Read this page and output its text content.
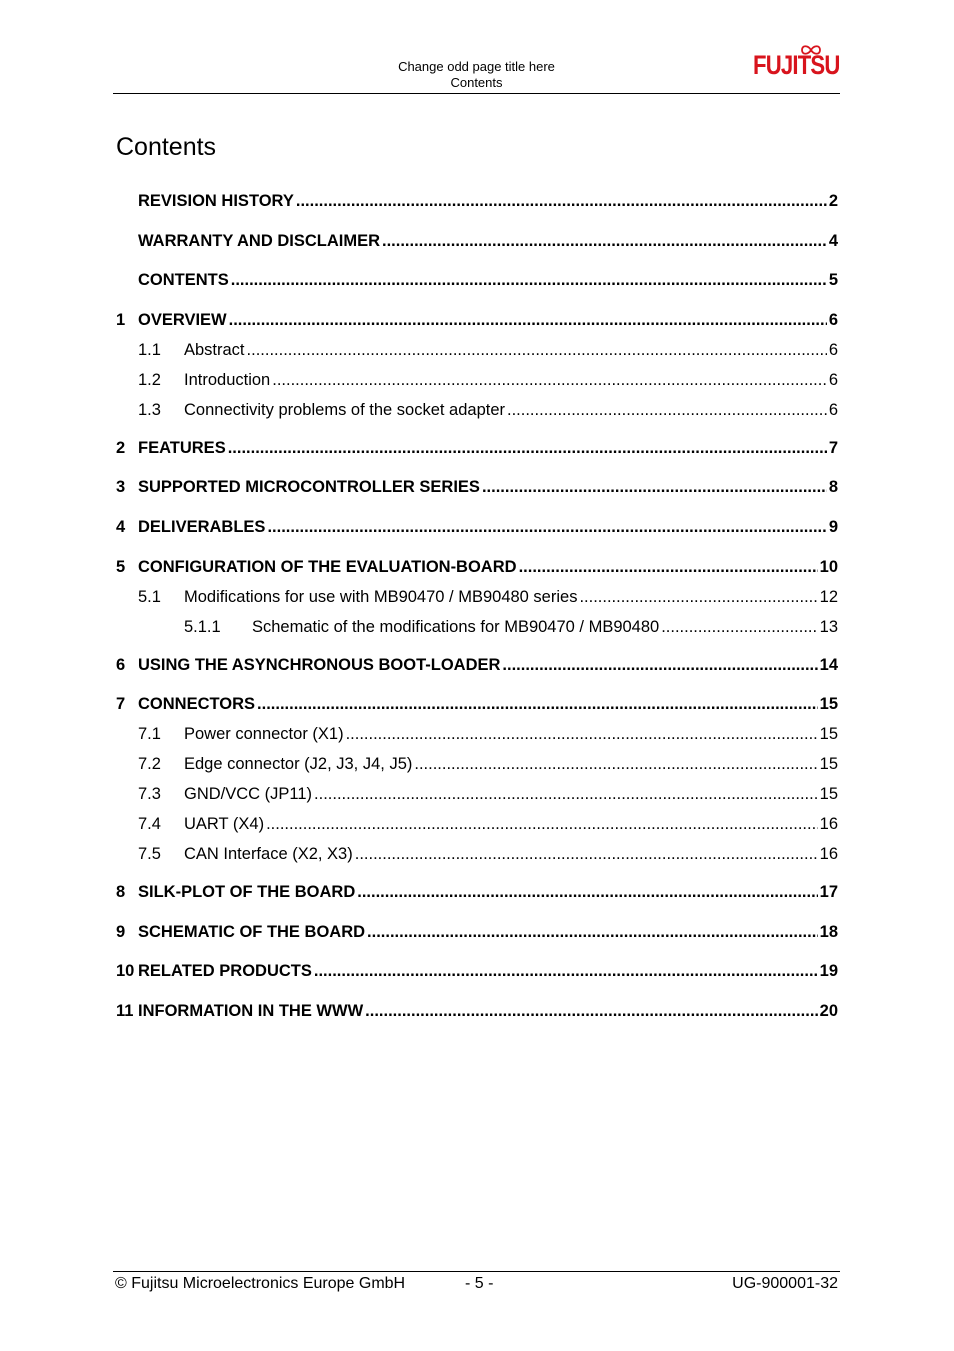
Change odd page title here
Contents
FUJITSU
Contents
REVISION HISTORY .....	2
WARRANTY AND DISCLAIMER .....	4
CONTENTS .....	5
1 OVERVIEW .....	6
1.1	Abstract .....	6
1.2	Introduction .....	6
1.3	Connectivity problems of the socket adapter .....	6
2 FEATURES .....	7
3 SUPPORTED MICROCONTROLLER SERIES .....	8
4 DELIVERABLES .....	9
5 CONFIGURATION OF THE EVALUATION-BOARD .....	10
5.1	Modifications for use with MB90470 / MB90480 series .....	12
5.1.1	Schematic of the modifications for MB90470 / MB90480 .....	13
6 USING THE ASYNCHRONOUS BOOT-LOADER .....	14
7 CONNECTORS .....	15
7.1	Power connector (X1) .....	15
7.2	Edge connector (J2, J3, J4, J5) .....	15
7.3	GND/VCC (JP11) .....	15
7.4	UART (X4) .....	16
7.5	CAN Interface (X2, X3) .....	16
8 SILK-PLOT OF THE BOARD .....	17
9 SCHEMATIC OF THE BOARD .....	18
10 RELATED PRODUCTS .....	19
11 INFORMATION IN THE WWW .....	20
© Fujitsu Microelectronics Europe GmbH	- 5 -	UG-900001-32
